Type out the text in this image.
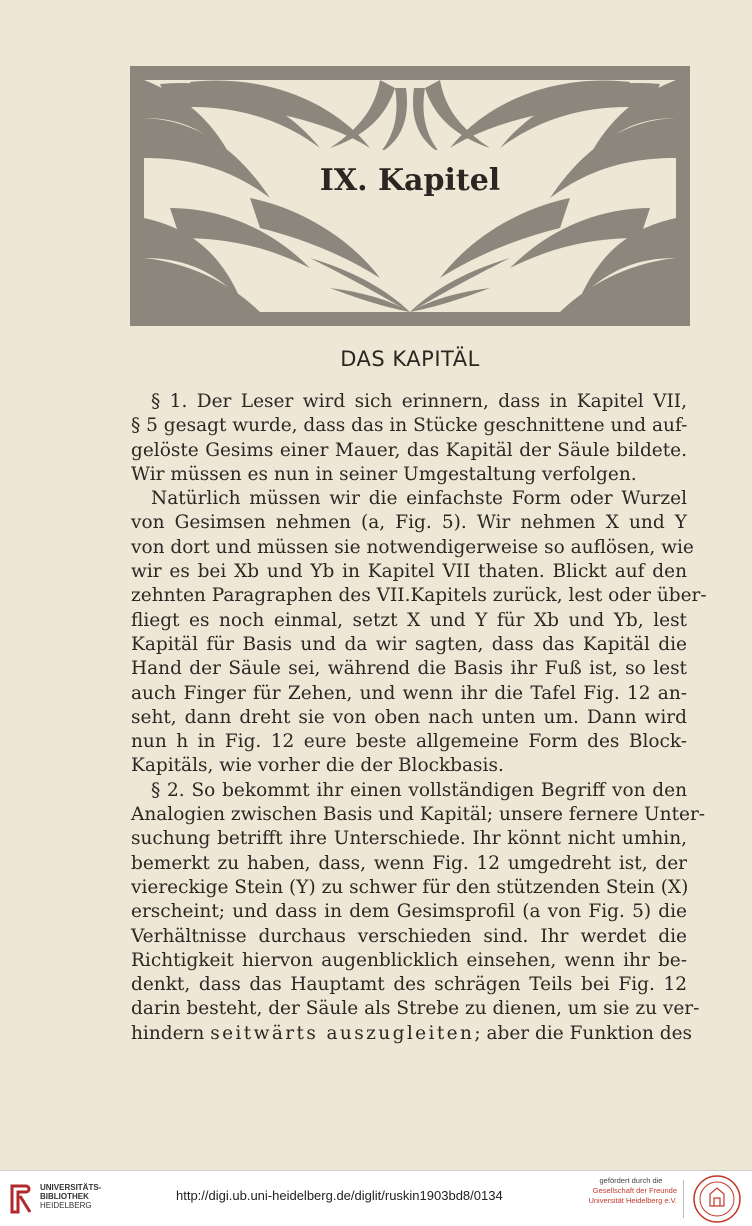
IX. Kapitel
DAS KAPITÄL
§ 1. Der Leser wird sich erinnern, dass in Kapitel VII,
§ 5 gesagt wurde, dass das in Stücke geschnittene und auf-
gelöste Gesims einer Mauer, das Kapitäl der Säule bildete.
Wir müssen es nun in seiner Umgestaltung verfolgen.
Natürlich müssen wir die einfachste Form oder Wurzel
von Gesimsen nehmen (a, Fig. 5). Wir nehmen X und Y
von dort und müssen sie notwendigerweise so auflösen, wie
wir es bei Xb und Yb in Kapitel VII thaten. Blickt auf den
zehnten Paragraphen des VII.Kapitels zurück, lest oder über-
fliegt es noch einmal, setzt X und Y für Xb und Yb, lest
Kapitäl für Basis und da wir sagten, dass das Kapitäl die
Hand der Säule sei, während die Basis ihr Fuß ist, so lest
auch Finger für Zehen, und wenn ihr die Tafel Fig. 12 an-
seht, dann dreht sie von oben nach unten um. Dann wird
nun h in Fig. 12 eure beste allgemeine Form des Block-
Kapitäls, wie vorher die der Blockbasis.
§ 2. So bekommt ihr einen vollständigen Begriff von den
Analogien zwischen Basis und Kapitäl; unsere fernere Unter-
suchung betrifft ihre Unterschiede. Ihr könnt nicht umhin,
bemerkt zu haben, dass, wenn Fig. 12 umgedreht ist, der
viereckige Stein (Y) zu schwer für den stützenden Stein (X)
erscheint; und dass in dem Gesimsprofil (a von Fig. 5) die
Verhältnisse durchaus verschieden sind. Ihr werdet die
Richtigkeit hiervon augenblicklich einsehen, wenn ihr be-
denkt, dass das Hauptamt des schrägen Teils bei Fig. 12
darin besteht, der Säule als Strebe zu dienen, um sie zu ver-
hindern seitwärts auszugleiten; aber die Funktion des
UNIVERSITÄTS-
BIBLIOTHEK
HEIDELBERG
http://digi.ub.uni-heidelberg.de/diglit/ruskin1903bd8/0134
gefördert durch die
Gesellschaft der Freunde
Universität Heidelberg e.V.
